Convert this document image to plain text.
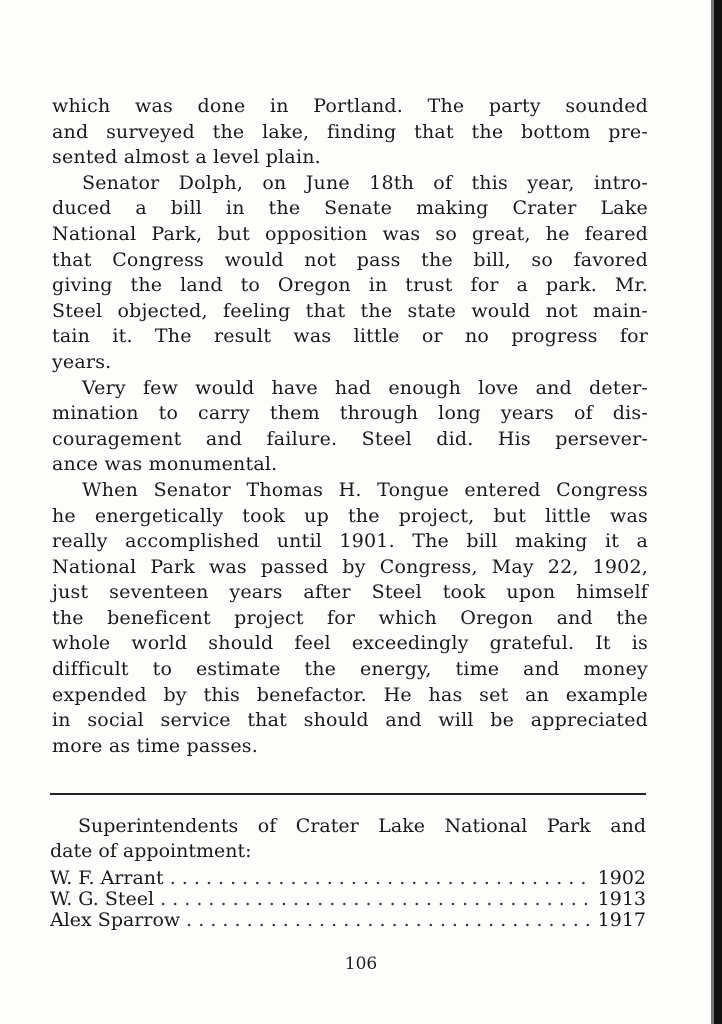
which was done in Portland. The party sounded
and surveyed the lake, finding that the bottom pre-
sented almost a level plain.
Senator Dolph, on June 18th of this year, intro-
duced a bill in the Senate making Crater Lake
National Park, but opposition was so great, he feared
that Congress would not pass the bill, so favored
giving the land to Oregon in trust for a park. Mr.
Steel objected, feeling that the state would not main-
tain it. The result was little or no progress for
years.
Very few would have had enough love and deter-
mination to carry them through long years of dis-
couragement and failure. Steel did. His persever-
ance was monumental.
When Senator Thomas H. Tongue entered Congress
he energetically took up the project, but little was
really accomplished until 1901. The bill making it a
National Park was passed by Congress, May 22, 1902,
just seventeen years after Steel took upon himself
the beneficent project for which Oregon and the
whole world should feel exceedingly grateful. It is
difficult to estimate the energy, time and money
expended by this benefactor. He has set an example
in social service that should and will be appreciated
more as time passes.
Superintendents of Crater Lake National Park and
date of appointment:
W. F. Arrant . . .	1902
W. G. Steel . . .	1913
Alex Sparrow . . .	1917
106
